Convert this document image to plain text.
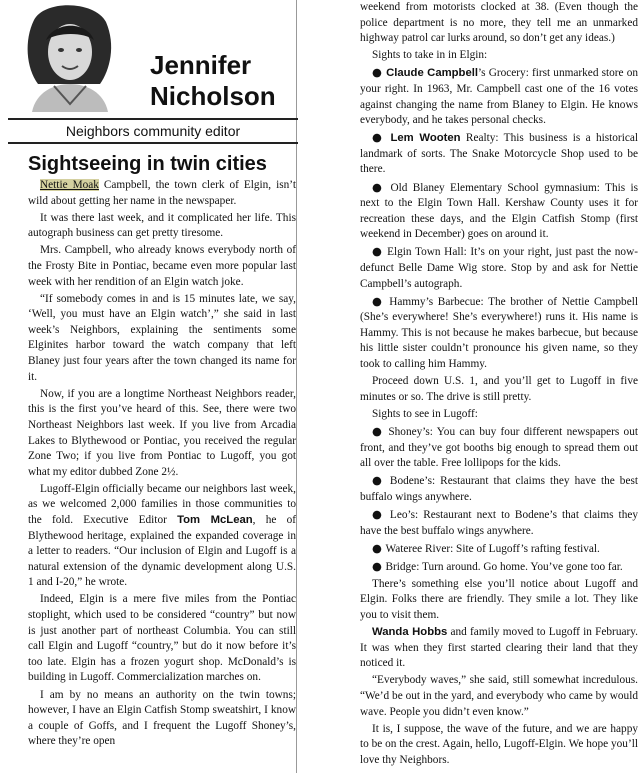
Jennifer
Nicholson
Neighbors community editor
Sightseeing in twin cities

Nettie Moak Campbell, the town clerk of Elgin, isn’t wild about getting her name in the newspaper.

It was there last week, and it complicated her life. This autograph business can get pretty tiresome.

Mrs. Campbell, who already knows everybody north of the Frosty Bite in Pontiac, became even more popular last week with her rendition of an Elgin watch joke.

“If somebody comes in and is 15 minutes late, we say, ‘Well, you must have an Elgin watch’,” she said in last week’s Neighbors, explaining the sentiments some Elginites harbor toward the watch company that left Blaney just four years after the town changed its name for it.

Now, if you are a longtime Northeast Neighbors reader, this is the first you’ve heard of this. See, there were two Northeast Neighbors last week. If you live from Arcadia Lakes to Blythewood or Pontiac, you received the regular Zone Two; if you live from Pontiac to Lugoff, you got what my editor dubbed Zone 2½.

Lugoff-Elgin officially became our neighbors last week, as we welcomed 2,000 families in those communities to the fold. Executive Editor Tom McLean, he of Blythewood heritage, explained the expanded coverage in a letter to readers. “Our inclusion of Elgin and Lugoff is a natural extension of the dynamic development along U.S. 1 and I-20,” he wrote.

Indeed, Elgin is a mere five miles from the Pontiac stoplight, which used to be considered “country” but now is just another part of northeast Columbia. You can still call Elgin and Lugoff “country,” but do it now before it’s too late. Elgin has a frozen yogurt shop. McDonald’s is building in Lugoff. Commercialization marches on.

I am by no means an authority on the twin towns; however, I have an Elgin Catfish Stomp sweatshirt, I know a couple of Goffs, and I frequent the Lugoff Shoney’s, where they’re open

weekend from motorists clocked at 38. (Even though the police department is no more, they tell me an unmarked highway patrol car lurks around, so don’t get any ideas.)

Sights to take in in Elgin:

● Claude Campbell’s Grocery: first unmarked store on your right. In 1963, Mr. Campbell cast one of the 16 votes against changing the name from Blaney to Elgin. He knows everybody, and he takes personal checks.

● Lem Wooten Realty: This business is a historical landmark of sorts. The Snake Motorcycle Shop used to be there.

● Old Blaney Elementary School gymnasium: This is next to the Elgin Town Hall. Kershaw County uses it for recreation these days, and the Elgin Catfish Stomp (first weekend in December) goes on around it.

● Elgin Town Hall: It’s on your right, just past the now-defunct Belle Dame Wig store. Stop by and ask for Nettie Campbell’s autograph.

● Hammy’s Barbecue: The brother of Nettie Campbell (She’s everywhere! She’s everywhere!) runs it. His name is Hammy. This is not because he makes barbecue, but because his little sister couldn’t pronounce his given name, so they took to calling him Hammy.

Proceed down U.S. 1, and you’ll get to Lugoff in five minutes or so. The drive is still pretty.

Sights to see in Lugoff:

● Shoney’s: You can buy four different newspapers out front, and they’ve got booths big enough to spread them out all over the table. Free lollipops for the kids.

● Bodene’s: Restaurant that claims they have the best buffalo wings anywhere.

● Leo’s: Restaurant next to Bodene’s that claims they have the best buffalo wings anywhere.

● Wateree River: Site of Lugoff’s rafting festival.

● Bridge: Turn around. Go home. You’ve gone too far.

There’s something else you’ll notice about Lugoff and Elgin. Folks there are friendly. They smile a lot. They like you to visit them.

Wanda Hobbs and family moved to Lugoff in February. It was when they first started clearing their land that they noticed it.

“Everybody waves,” she said, still somewhat incredulous. “We’d be out in the yard, and everybody who came by would wave. People you didn’t even know.”

It is, I suppose, the wave of the future, and we are happy to be on the crest. Again, hello, Lugoff-Elgin. We hope you’ll love thy Neighbors.
